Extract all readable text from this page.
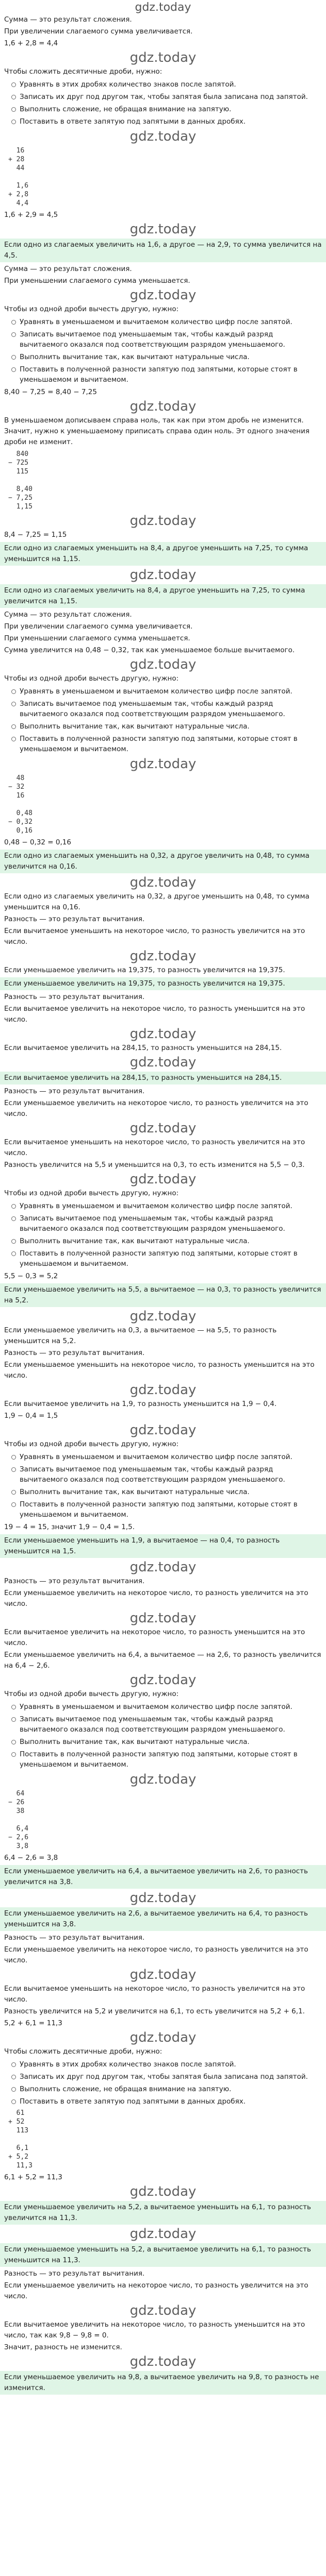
gdz.today
Сумма — это результат сложения.
При увеличении слагаемого сумма увеличивается.
1,6 + 2,8 = 4,4
gdz.today
Чтобы сложить десятичные дроби, нужно:
Уравнять в этих дробях количество знаков после запятой.
Записать их друг под другом так, чтобы запятая была записана под запятой.
Выполнить сложение, не обращая внимание на запятую.
Поставить в ответе запятую под запятыми в данных дробях.
gdz.today
16
+ 28
44

1,6
+ 2,8
4,4
1,6 + 2,9 = 4,5
gdz.today
Если одно из слагаемых увеличить на 1,6, а другое — на 2,9, то сумма увеличится на 4,5.
Сумма — это результат сложения.
При уменьшении слагаемого сумма уменьшается.
gdz.today
Чтобы из одной дроби вычесть другую, нужно:
Уравнять в уменьшаемом и вычитаемом количество цифр после запятой.
Записать вычитаемое под уменьшаемым так, чтобы каждый разряд вычитаемого оказался под соответствующим разрядом уменьшаемого.
Выполнить вычитание так, как вычитают натуральные числа.
Поставить в полученной разности запятую под запятыми, которые стоят в уменьшаемом и вычитаемом.
8,40 − 7,25 = 8,40 − 7,25
gdz.today
В уменьшаемом дописываем справа ноль, так как при этом дробь не изменится. Значит, нужно к уменьшаемому приписать справа один ноль. Эт одного значения дроби не изменит.
840
− 725
115

8,40
− 7,25
1,15
gdz.today
8,4 − 7,25 = 1,15
Если одно из слагаемых уменьшить на 8,4, а другое уменьшить на 7,25, то сумма уменьшится на 1,15.
gdz.today
Если одно из слагаемых увеличить на 8,4, а другое уменьшить на 7,25, то сумма увеличится на 1,15.
Сумма — это результат сложения.
При увеличении слагаемого сумма увеличивается.
При уменьшении слагаемого сумма уменьшается.
Сумма увеличится на 0,48 − 0,32, так как уменьшаемое больше вычитаемого.
gdz.today
Чтобы из одной дроби вычесть другую, нужно:
Уравнять в уменьшаемом и вычитаемом количество цифр после запятой.
Записать вычитаемое под уменьшаемым так, чтобы каждый разряд вычитаемого оказался под соответствующим разрядом уменьшаемого.
Выполнить вычитание так, как вычитают натуральные числа.
Поставить в полученной разности запятую под запятыми, которые стоят в уменьшаемом и вычитаемом.
gdz.today
48
− 32
16

0,48
− 0,32
0,16
0,48 − 0,32 = 0,16
Если одно из слагаемых уменьшить на 0,32, а другое увеличить на 0,48, то сумма увеличится на 0,16.
gdz.today
Если одно из слагаемых увеличить на 0,32, а другое уменьшить на 0,48, то сумма уменьшится на 0,16.
Разность — это результат вычитания.
Если вычитаемое уменьшить на некоторое число, то разность увеличится на это число.
gdz.today
Если уменьшаемое увеличить на 19,375, то разность увеличится на 19,375.
Если уменьшаемое увеличить на 19,375, то разность увеличится на 19,375.
Разность — это результат вычитания.
Если вычитаемое увеличить на некоторое число, то разность уменьшится на это число.
gdz.today
Если вычитаемое увеличить на 284,15, то разность уменьшится на 284,15.
gdz.today
Если вычитаемое увеличить на 284,15, то разность уменьшится на 284,15.
Разность — это результат вычитания.
Если уменьшаемое увеличить на некоторое число, то разность увеличится на это число.
gdz.today
Если вычитаемое уменьшить на некоторое число, то разность увеличится на это число.
Разность увеличится на 5,5 и уменьшится на 0,3, то есть изменится на 5,5 − 0,3.
gdz.today
Чтобы из одной дроби вычесть другую, нужно:
Уравнять в уменьшаемом и вычитаемом количество цифр после запятой.
Записать вычитаемое под уменьшаемым так, чтобы каждый разряд вычитаемого оказался под соответствующим разрядом уменьшаемого.
Выполнить вычитание так, как вычитают натуральные числа.
Поставить в полученной разности запятую под запятыми, которые стоят в уменьшаемом и вычитаемом.
5,5 − 0,3 = 5,2
Если уменьшаемое увеличить на 5,5, а вычитаемое — на 0,3, то разность увеличится на 5,2.
gdz.today
Если уменьшаемое увеличить на 0,3, а вычитаемое — на 5,5, то разность уменьшится на 5,2.
Разность — это результат вычитания.
Если уменьшаемое уменьшить на некоторое число, то разность уменьшится на это число.
gdz.today
Если вычитаемое увеличить на 1,9, то разность уменьшится на 1,9 − 0,4.
1,9 − 0,4 = 1,5
gdz.today
Чтобы из одной дроби вычесть другую, нужно:
Уравнять в уменьшаемом и вычитаемом количество цифр после запятой.
Записать вычитаемое под уменьшаемым так, чтобы каждый разряд вычитаемого оказался под соответствующим разрядом уменьшаемого.
Выполнить вычитание так, как вычитают натуральные числа.
Поставить в полученной разности запятую под запятыми, которые стоят в уменьшаемом и вычитаемом.
19 − 4 = 15, значит 1,9 − 0,4 = 1,5.
Если уменьшаемое уменьшить на 1,9, а вычитаемое — на 0,4, то разность уменьшится на 1,5.
gdz.today
Разность — это результат вычитания.
Если уменьшаемое увеличить на некоторое число, то разность увеличится на это число.
gdz.today
Если вычитаемое увеличить на некоторое число, то разность уменьшится на это число.
Если уменьшаемое увеличить на 6,4, а вычитаемое — на 2,6, то разность увеличится на 6,4 − 2,6.
gdz.today
Чтобы из одной дроби вычесть другую, нужно:
Уравнять в уменьшаемом и вычитаемом количество цифр после запятой.
Записать вычитаемое под уменьшаемым так, чтобы каждый разряд вычитаемого оказался под соответствующим разрядом уменьшаемого.
Выполнить вычитание так, как вычитают натуральные числа.
Поставить в полученной разности запятую под запятыми, которые стоят в уменьшаемом и вычитаемом.
gdz.today
64
− 26
38

6,4
− 2,6
3,8
6,4 − 2,6 = 3,8
Если уменьшаемое увеличить на 6,4, а вычитаемое увеличить на 2,6, то разность увеличится на 3,8.
gdz.today
Если уменьшаемое увеличить на 2,6, а вычитаемое увеличить на 6,4, то разность уменьшится на 3,8.
Разность — это результат вычитания.
Если уменьшаемое увеличить на некоторое число, то разность увеличится на это число.
gdz.today
Если вычитаемое уменьшить на некоторое число, то разность увеличится на это число.
Разность увеличится на 5,2 и увеличится на 6,1, то есть увеличится на 5,2 + 6,1.
5,2 + 6,1 = 11,3
gdz.today
Чтобы сложить десятичные дроби, нужно:
Уравнять в этих дробях количество знаков после запятой.
Записать их друг под другом так, чтобы запятая была записана под запятой.
Выполнить сложение, не обращая внимание на запятую.
Поставить в ответе запятую под запятыми в данных дробях.
61
+ 52
113

6,1
+ 5,2
11,3
6,1 + 5,2 = 11,3
gdz.today
Если уменьшаемое увеличить на 5,2, а вычитаемое уменьшить на 6,1, то разность увеличится на 11,3.
gdz.today
Если уменьшаемое уменьшить на 5,2, а вычитаемое увеличить на 6,1, то разность уменьшится на 11,3.
Разность — это результат вычитания.
Если уменьшаемое увеличить на некоторое число, то разность увеличится на это число.
gdz.today
Если вычитаемое увеличить на некоторое число, то разность уменьшится на это число, так как 9,8 − 9,8 = 0.
Значит, разность не изменится.
gdz.today
Если уменьшаемое увеличить на 9,8, а вычитаемое увеличить на 9,8, то разность не изменится.
